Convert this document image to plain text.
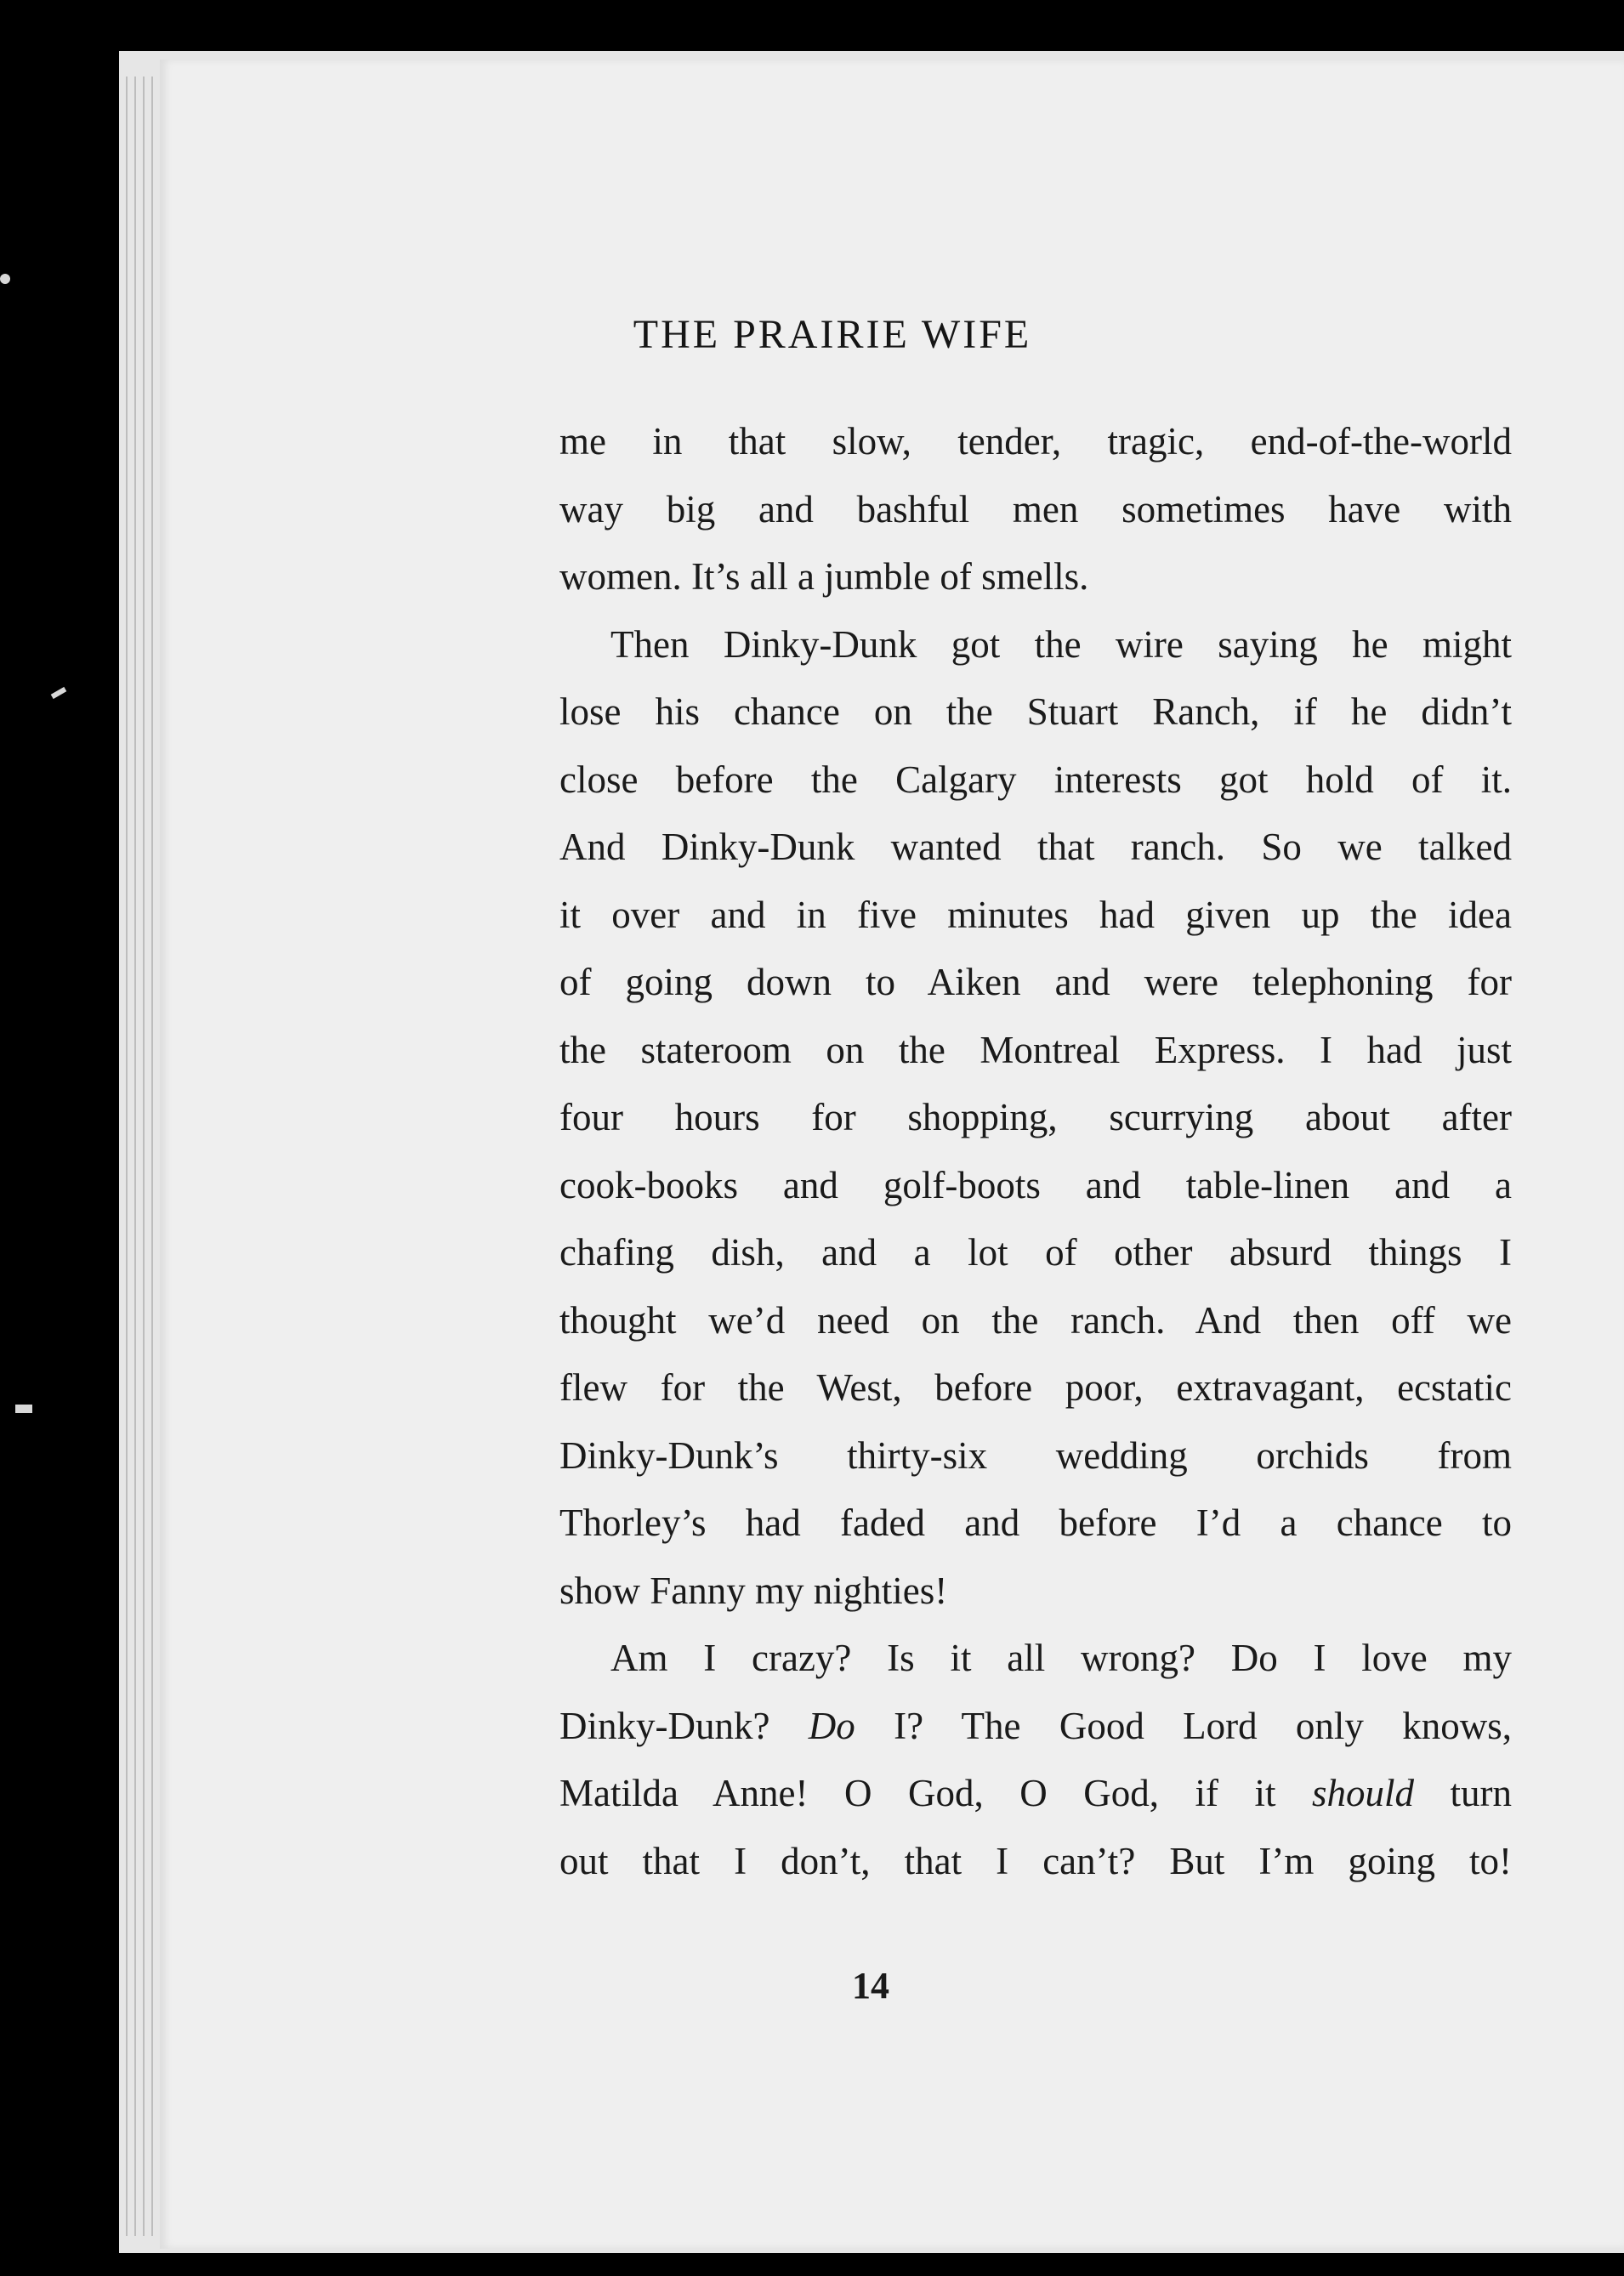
THE PRAIRIE WIFE
me in that slow, tender, tragic, end-of-the-world
way big and bashful men sometimes have with
women. It’s all a jumble of smells.
Then Dinky-Dunk got the wire saying he might
lose his chance on the Stuart Ranch, if he didn’t
close before the Calgary interests got hold of it.
And Dinky-Dunk wanted that ranch. So we talked
it over and in five minutes had given up the idea
of going down to Aiken and were telephoning for
the stateroom on the Montreal Express. I had just
four hours for shopping, scurrying about after
cook-books and golf-boots and table-linen and a
chafing dish, and a lot of other absurd things I
thought we’d need on the ranch. And then off we
flew for the West, before poor, extravagant, ecstatic
Dinky-Dunk’s thirty-six wedding orchids from
Thorley’s had faded and before I’d a chance to
show Fanny my nighties!
Am I crazy? Is it all wrong? Do I love my
Dinky-Dunk? Do I? The Good Lord only knows,
Matilda Anne! O God, O God, if it should turn
out that I don’t, that I can’t? But I’m going to!
14
